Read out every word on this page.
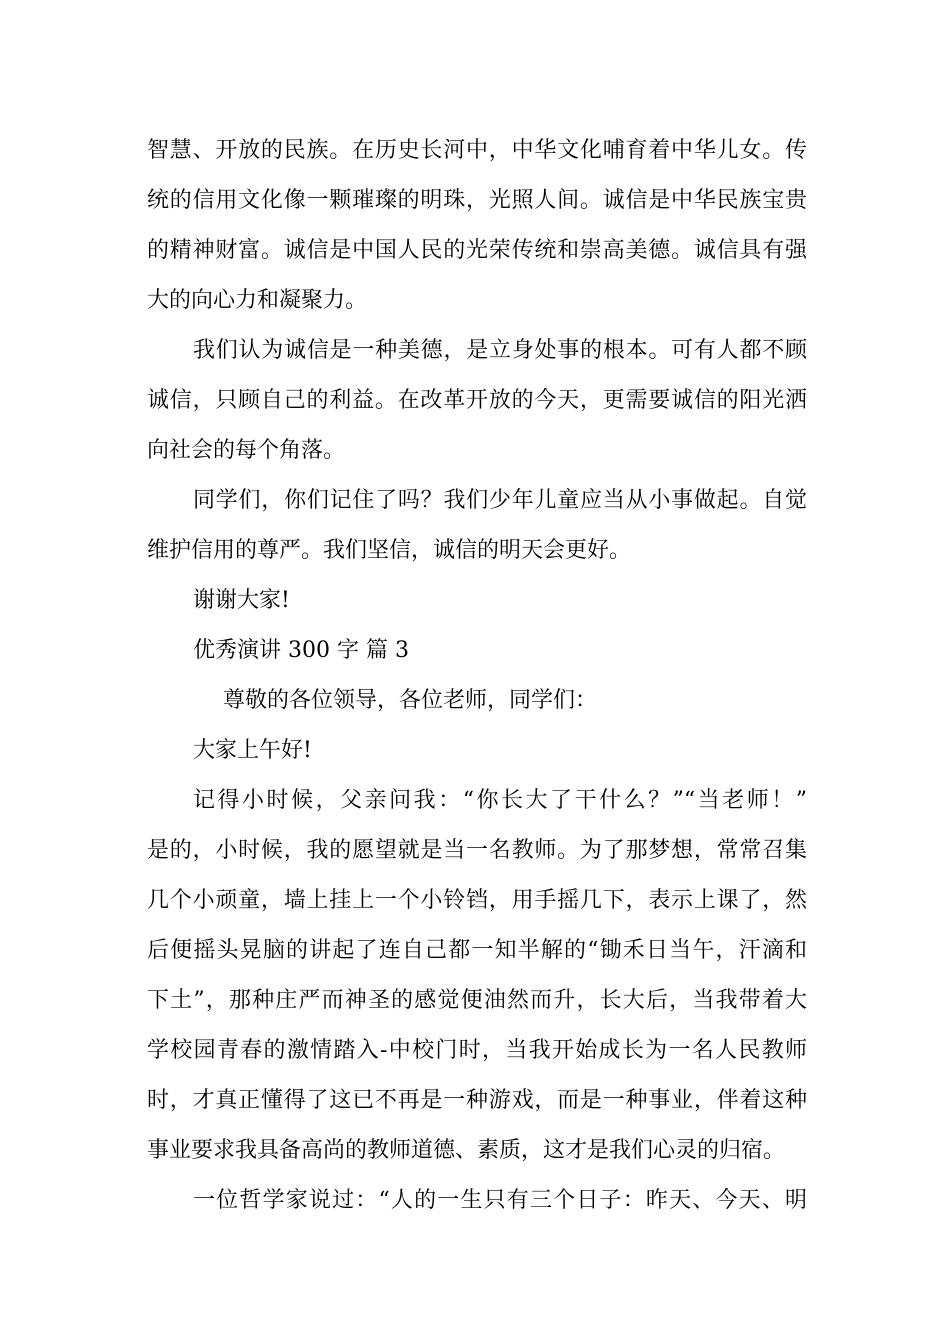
智慧、开放的民族。在历史长河中，中华文化哺育着中华儿女。传
统的信用文化像一颗璀璨的明珠，光照人间。诚信是中华民族宝贵
的精神财富。诚信是中国人民的光荣传统和崇高美德。诚信具有强
大的向心力和凝聚力。
我们认为诚信是一种美德，是立身处事的根本。可有人都不顾
诚信，只顾自己的利益。在改革开放的今天，更需要诚信的阳光洒
向社会的每个角落。
同学们，你们记住了吗？我们少年儿童应当从小事做起。自觉
维护信用的尊严。我们坚信，诚信的明天会更好。
谢谢大家!
优秀演讲 300 字 篇 3
尊敬的各位领导，各位老师，同学们：
大家上午好!
记得小时候，父亲问我：“你长大了干什么？”“当老师！”
是的，小时候，我的愿望就是当一名教师。为了那梦想，常常召集
几个小顽童，墙上挂上一个小铃铛，用手摇几下，表示上课了，然
后便摇头晃脑的讲起了连自己都一知半解的“锄禾日当午，汗滴和
下土”，那种庄严而神圣的感觉便油然而升，长大后，当我带着大
学校园青春的激情踏入-中校门时，当我开始成长为一名人民教师
时，才真正懂得了这已不再是一种游戏，而是一种事业，伴着这种
事业要求我具备高尚的教师道德、素质，这才是我们心灵的归宿。
一位哲学家说过：“人的一生只有三个日子：昨天、今天、明
